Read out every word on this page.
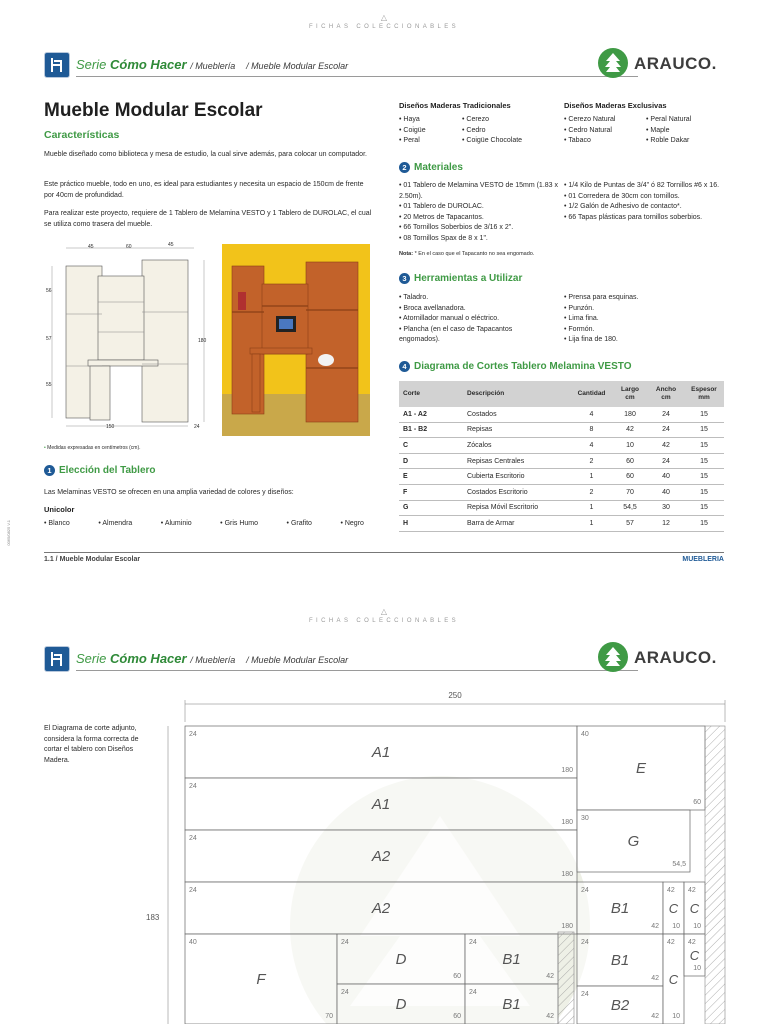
△
FICHAS COLECCIONABLES
Serie Cómo Hacer / Mueblería / Mueble Modular Escolar	ARAUCO.
Mueble Modular Escolar
Características
Mueble diseñado como biblioteca y mesa de estudio, la cual sirve además, para colocar un computador.
Este práctico mueble, todo en uno, es ideal para estudiantes y necesita un espacio de 150cm de frente por 40cm de profundidad.
Para realizar este proyecto, requiere de 1 Tablero de Melamina VESTO y 1 Tablero de DUROLAC, el cual se utiliza como trasera del mueble.
45	60	45
56
57
55
180
150	24
• Medidas expresadas en centímetros (cm).
1 Elección del Tablero
Las Melaminas VESTO se ofrecen en una amplia variedad de colores y diseños:
Unicolor
• Blanco	• Almendra	• Aluminio	• Gris Humo	• Grafito	• Negro
Diseños Maderas Tradicionales
• Haya
• Coigüe
• Peral
• Cerezo
• Cedro
• Coigüe Chocolate
Diseños Maderas Exclusivas
• Cerezo Natural
• Cedro Natural
• Tabaco
• Peral Natural
• Maple
• Roble Dakar
2 Materiales
• 01 Tablero de Melamina VESTO de 15mm (1.83 x 2.50m).
• 01 Tablero de DUROLAC.
• 20 Metros de Tapacantos.
• 66 Tornillos Soberbios de 3/16 x 2".
• 08 Tornillos Spax de 8 x 1".
• 1/4 Kilo de Puntas de 3/4" ó 82 Tornillos #6 x 16.
• 01 Corredera de 30cm con tornillos.
• 1/2 Galón de Adhesivo de contacto*.
• 66 Tapas plásticas para tornillos soberbios.
Nota: * En el caso que el Tapacanto no sea engomado.
3 Herramientas a Utilizar
• Taladro.
• Broca avellanadora.
• Atornillador manual o eléctrico.
• Plancha (en el caso de Tapacantos engomados).
• Prensa para esquinas.
• Punzón.
• Lima fina.
• Formón.
• Lija fina de 180.
4 Diagrama de Cortes Tablero Melamina VESTO
Corte	Descripción	Cantidad	Largo cm	Ancho cm	Espesor mm
A1 - A2	Costados	4	180	24	15
B1 - B2	Repisas	8	42	24	15
C	Zócalos	4	10	42	15
D	Repisas Centrales	2	60	24	15
E	Cubierta Escritorio	1	60	40	15
F	Costados Escritorio	2	70	40	15
G	Repisa Móvil Escritorio	1	54,5	30	15
H	Barra de Armar	1	57	12	15
0065/0825 V.1
1.1 / Mueble Modular Escolar	MUEBLERIA
△
FICHAS COLECCIONABLES
Serie Cómo Hacer / Mueblería / Mueble Modular Escolar	ARAUCO.
El Diagrama de corte adjunto, considera la forma correcta de cortar el tablero con Diseños Madera.
250
183
A1
24
180
A1
24
180
A2
24
180
A2
24
180
E
40
60
G
30
54,5
B1
24
42
B1
24
42
B2
24
42
F
40
70
D
24
60
B1
24
42
D
24
60
B1
24
42
C
42
10
C
42
10
C
42
10
C
42
10
